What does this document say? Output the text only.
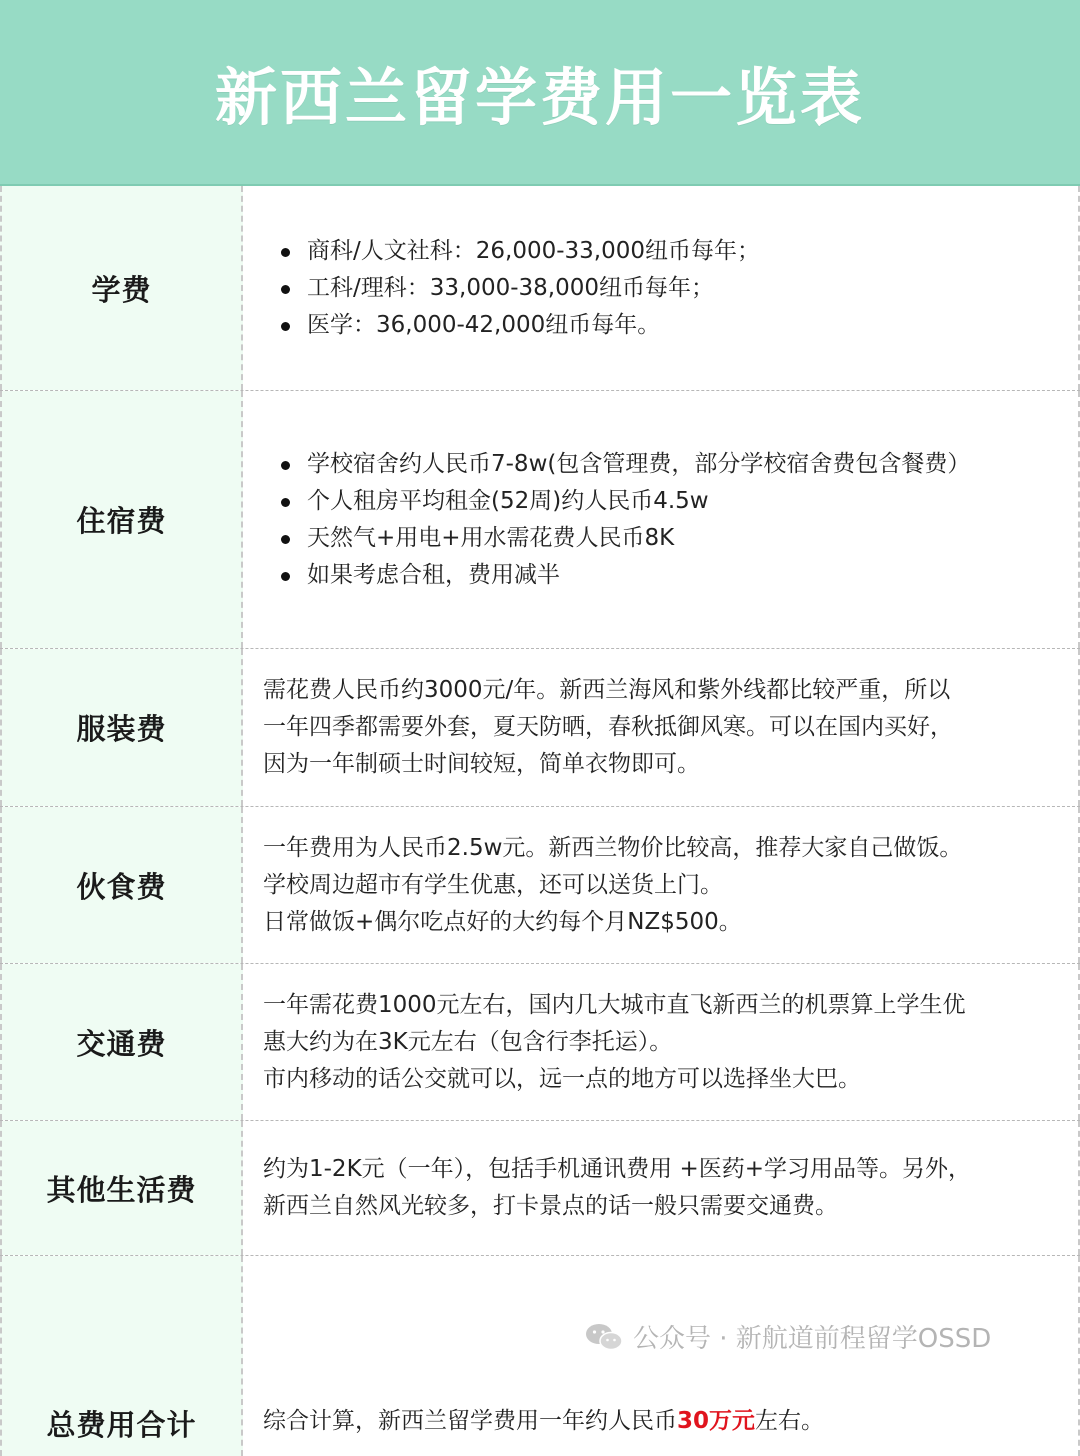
新西兰留学费用一览表
学费
商科/人文社科：26,000-33,000纽币每年；
工科/理科：33,000-38,000纽币每年；
医学：36,000-42,000纽币每年。
住宿费
学校宿舍约人民币7-8w(包含管理费，部分学校宿舍费包含餐费）
个人租房平均租金(52周)约人民币4.5w
天然气+用电+用水需花费人民币8K
如果考虑合租，费用减半
服装费

需花费人民币约3000元/年。新西兰海风和紫外线都比较严重，所以

一年四季都需要外套，夏天防晒，春秋抵御风寒。可以在国内买好，

因为一年制硕士时间较短，简单衣物即可。

伙食费

一年费用为人民币2.5w元。新西兰物价比较高，推荐大家自己做饭。

学校周边超市有学生优惠，还可以送货上门。

日常做饭+偶尔吃点好的大约每个月NZ$500。

交通费

一年需花费1000元左右，国内几大城市直飞新西兰的机票算上学生优

惠大约为在3K元左右（包含行李托运）。

市内移动的话公交就可以，远一点的地方可以选择坐大巴。

其他生活费

约为1-2K元（一年），包括手机通讯费用 +医药+学习用品等。另外，

新西兰自然风光较多，打卡景点的话一般只需要交通费。

总费用合计	综合计算，新西兰留学费用一年约人民币30万元左右。

公众号 · 新航道前程留学OSSD
